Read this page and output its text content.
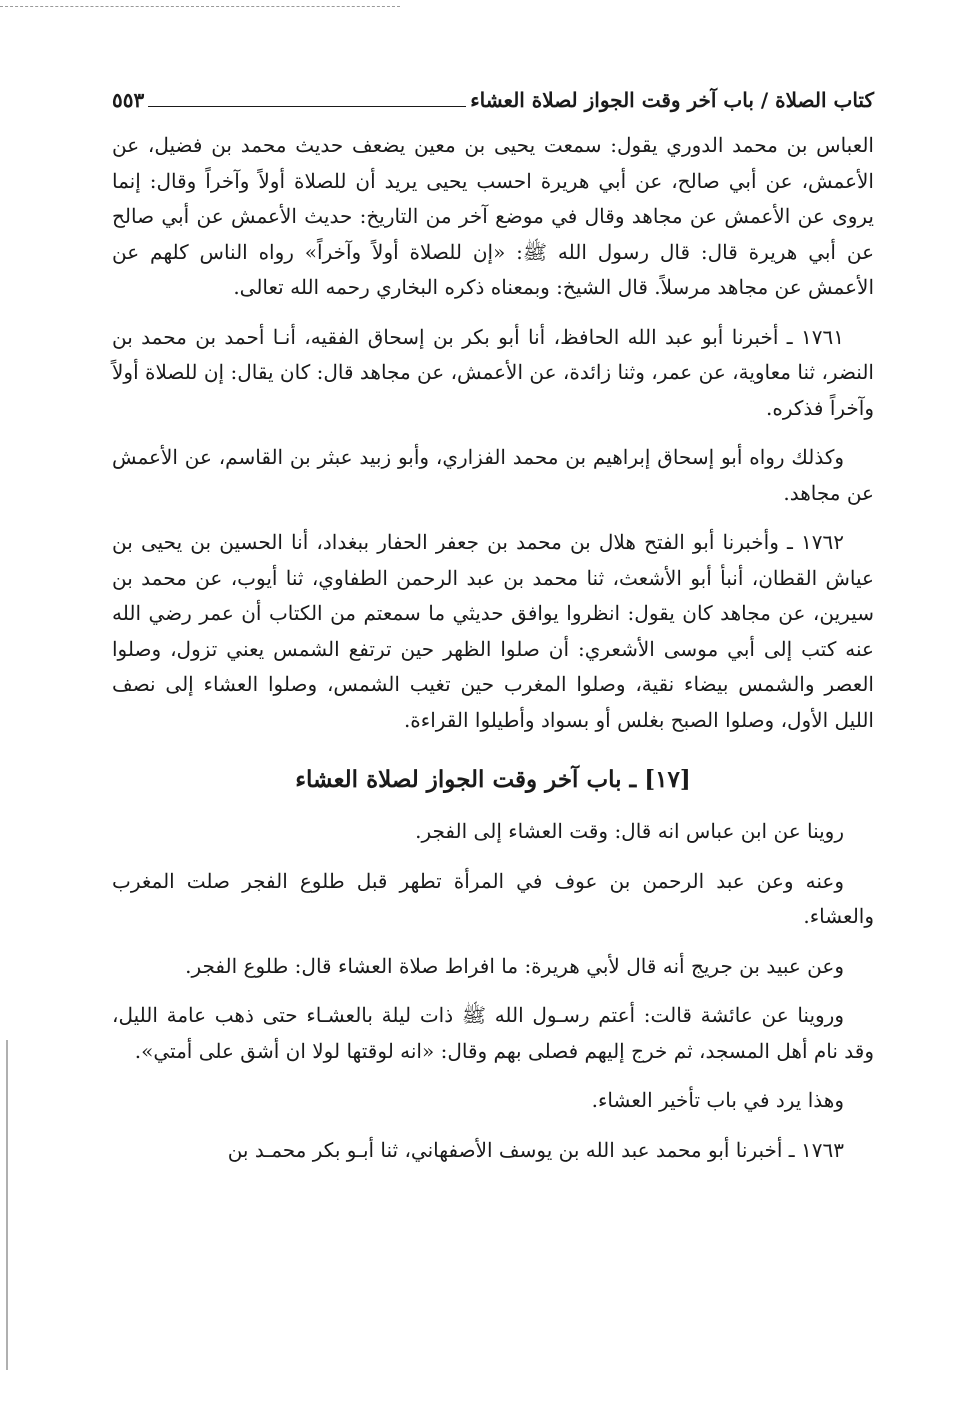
كتاب الصلاة / باب آخر وقت الجواز لصلاة العشاء
٥٥٣

العباس بن محمد الدوري يقول: سمعت يحيى بن معين يضعف حديث محمد بن فضيل، عن الأعمش، عن أبي صالح، عن أبي هريرة احسب يحيى يريد أن للصلاة أولاً وآخراً وقال: إنما يروى عن الأعمش عن مجاهد وقال في موضع آخر من التاريخ: حديث الأعمش عن أبي صالح عن أبي هريرة قال: قال رسول الله ﷺ: «إن للصلاة أولاً وآخراً» رواه الناس كلهم عن الأعمش عن مجاهد مرسلاً. قال الشيخ: وبمعناه ذكره البخاري رحمه الله تعالى.

١٧٦١ ـ أخبرنا أبو عبد الله الحافظ، أنا أبو بكر بن إسحاق الفقيه، أنـا أحمد بن محمد بن النضر، ثنا معاوية، عن عمر، وثنا زائدة، عن الأعمش، عن مجاهد قال: كان يقال: إن للصلاة أولاً وآخراً فذكره.

وكذلك رواه أبو إسحاق إبراهيم بن محمد الفزاري، وأبو زبيد عبثر بن القاسم، عن الأعمش عن مجاهد.

١٧٦٢ ـ وأخبرنا أبو الفتح هلال بن محمد بن جعفر الحفار ببغداد، أنا الحسين بن يحيى بن عياش القطان، أنبأ أبو الأشعث، ثنا محمد بن عبد الرحمن الطفاوي، ثنا أيوب، عن محمد بن سيرين، عن مجاهد كان يقول: انظروا يوافق حديثي ما سمعتم من الكتاب أن عمر رضي الله عنه كتب إلى أبي موسى الأشعري: أن صلوا الظهر حين ترتفع الشمس يعني تزول، وصلوا العصر والشمس بيضاء نقية، وصلوا المغرب حين تغيب الشمس، وصلوا العشاء إلى نصف الليل الأول، وصلوا الصبح بغلس أو بسواد وأطيلوا القراءة.

[١٧] ـ باب آخر وقت الجواز لصلاة العشاء

روينا عن ابن عباس انه قال: وقت العشاء إلى الفجر.

وعنه وعن عبد الرحمن بن عوف في المرأة تطهر قبل طلوع الفجر صلت المغرب والعشاء.

وعن عبيد بن جريج أنه قال لأبي هريرة: ما افراط صلاة العشاء قال: طلوع الفجر.

وروينا عن عائشة قالت: أعتم رسـول الله ﷺ ذات ليلة بالعشـاء حتى ذهب عامة الليل، وقد نام أهل المسجد، ثم خرج إليهم فصلى بهم وقال: «انه لوقتها لولا ان أشق على أمتي».

وهذا يرد في باب تأخير العشاء.

١٧٦٣ ـ أخبرنا أبو محمد عبد الله بن يوسف الأصفهاني، ثنا أبـو بكر محمـد بن
